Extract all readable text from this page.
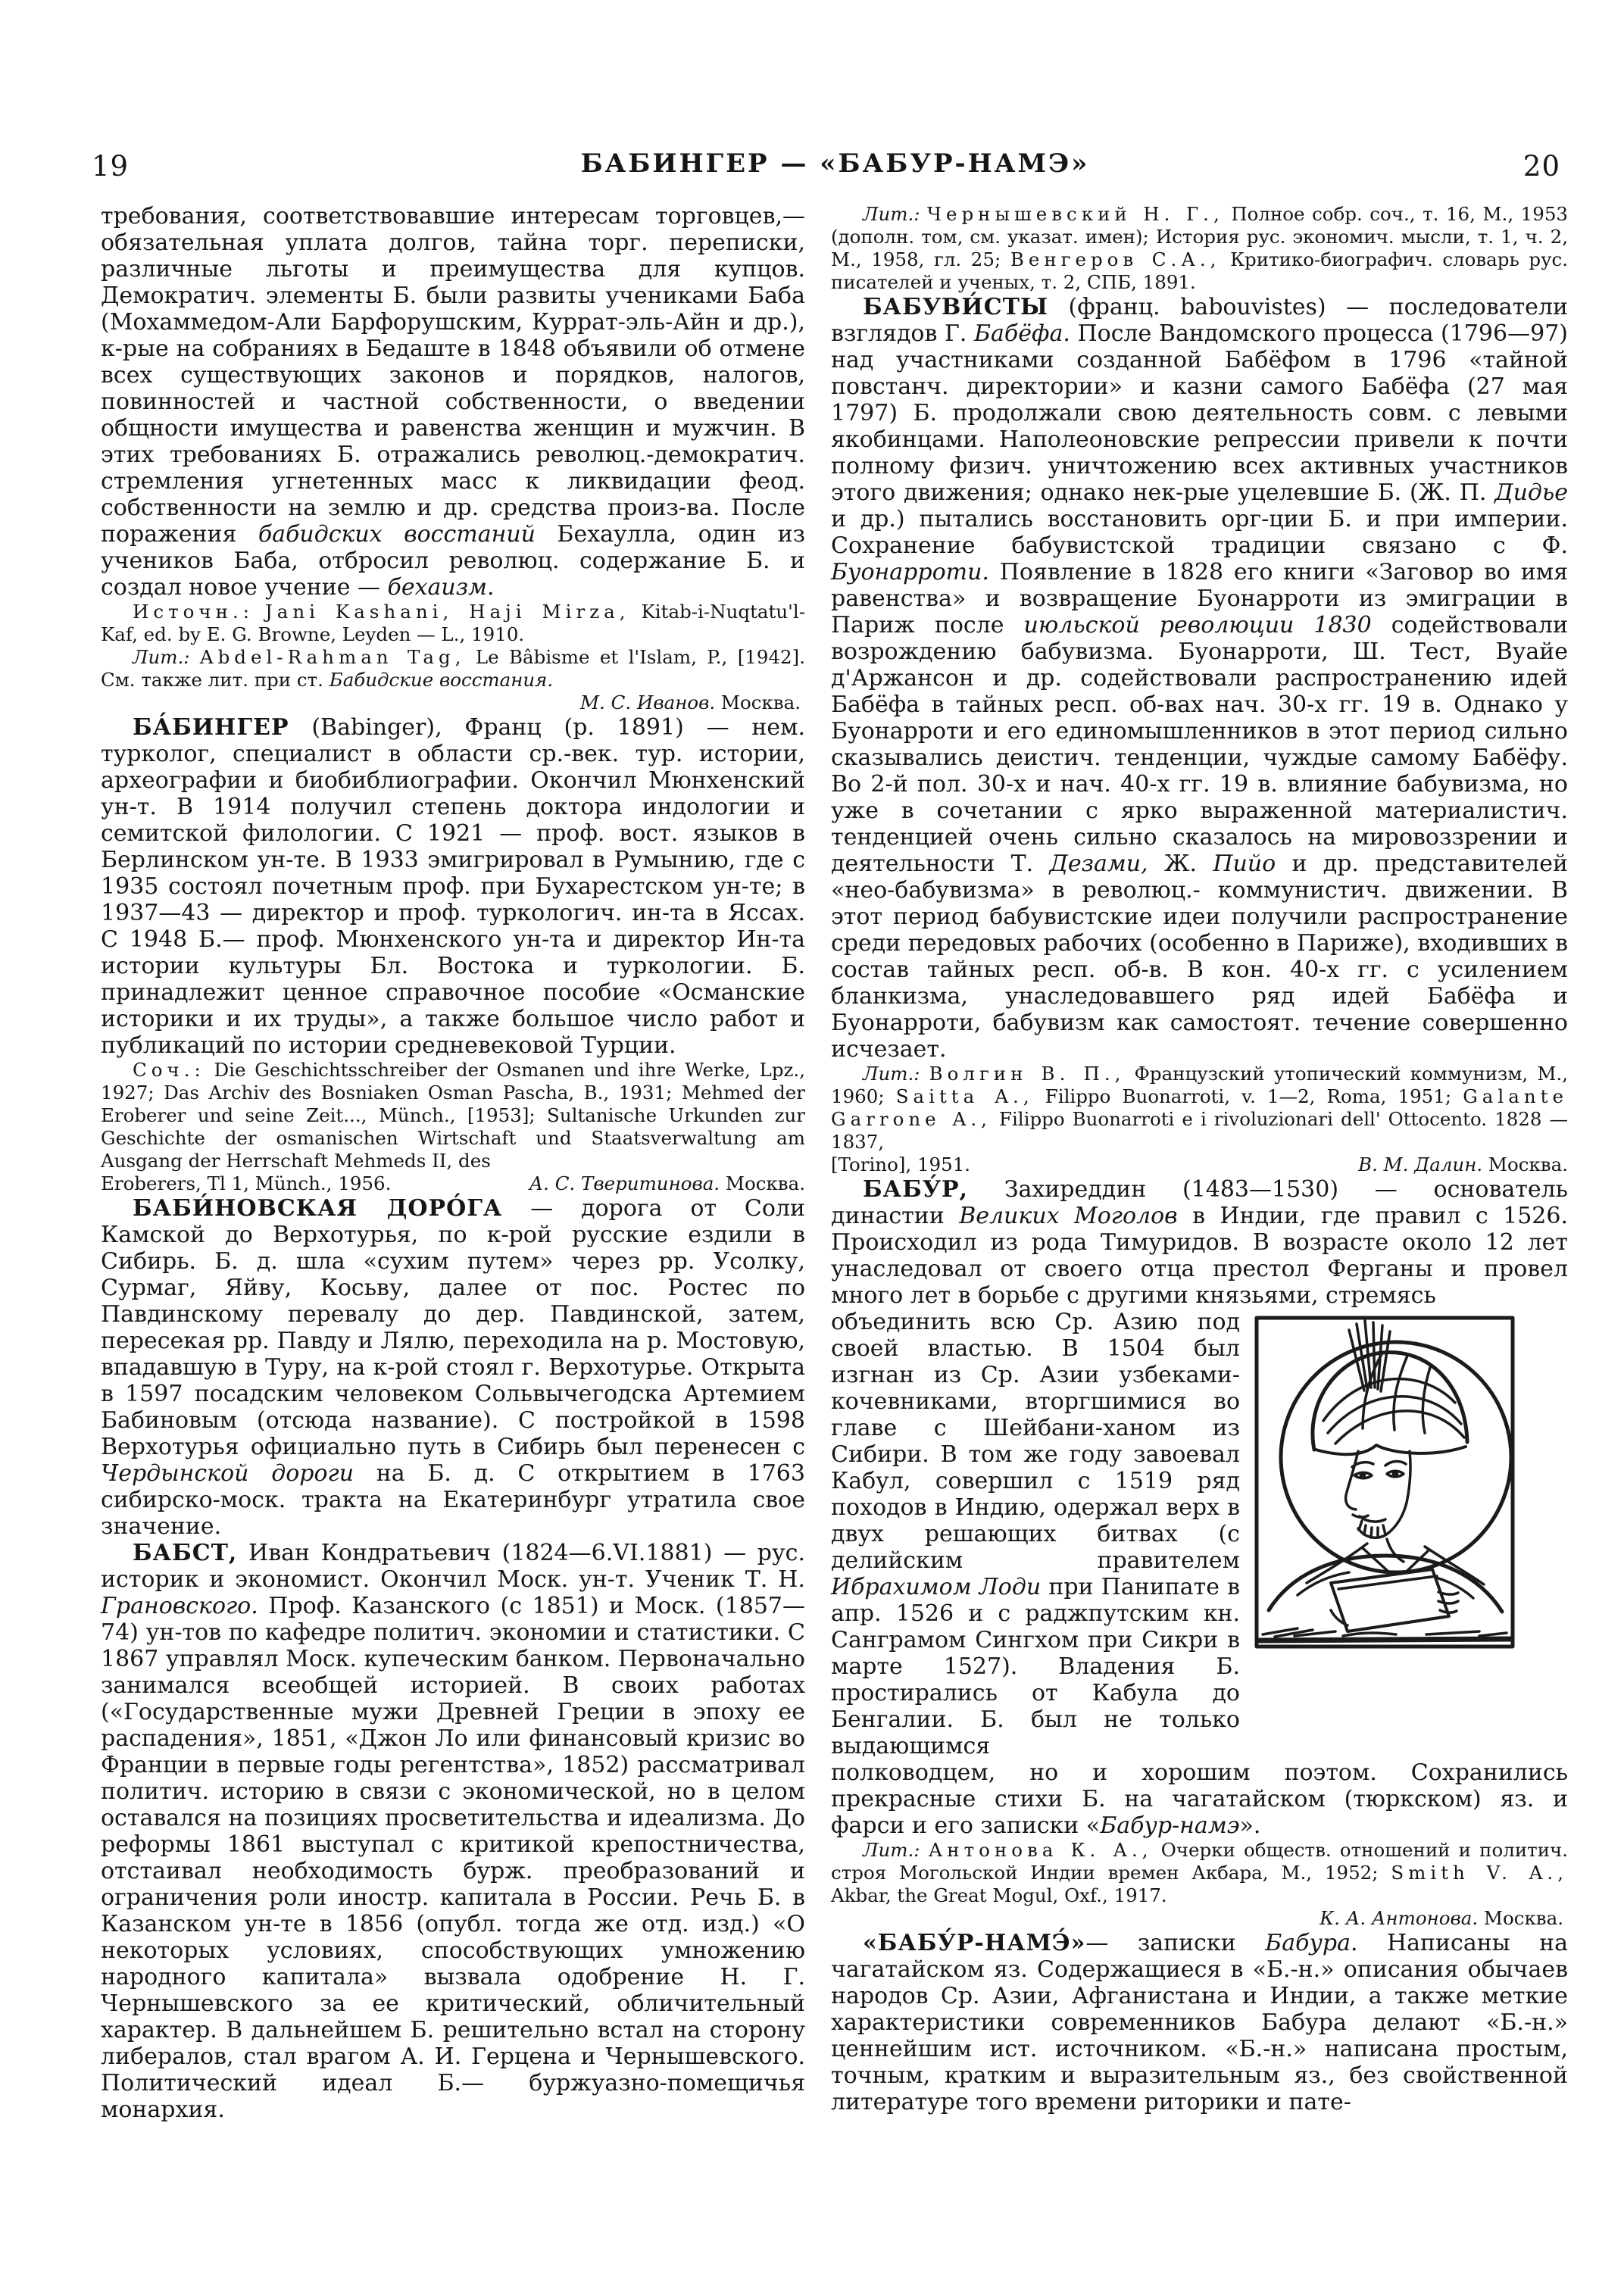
19	БАБИНГЕР — «БАБУР-НАМЭ»	20

требования, соответствовавшие интересам торговцев,— обязательная уплата долгов, тайна торг. переписки, различные льготы и преимущества для купцов. Демократич. элементы Б. были развиты учениками Баба (Мохаммедом-Али Барфорушским, Куррат-эль-Айн и др.), к-рые на собраниях в Бедаште в 1848 объявили об отмене всех существующих законов и порядков, налогов, повинностей и частной собственности, о введении общности имущества и равенства женщин и мужчин. В этих требованиях Б. отражались революц.-демократич. стремления угнетенных масс к ликвидации феод. собственности на землю и др. средства произ-ва. После поражения бабидских восстаний Бехаулла, один из учеников Баба, отбросил революц. содержание Б. и создал новое учение — бехаизм.

Источн.: Jani Kashani, Haji Mirza, Kitab-i-Nuqtatu'l-Kaf, ed. by E. G. Browne, Leyden — L., 1910.

Лит.: Abdel-Rahman Tag, Le Bâbisme et l'Islam, P., [1942]. См. также лит. при ст. Бабидские восстания.

М. С. Иванов. Москва.

БА́БИНГЕР (Babinger), Франц (р. 1891) — нем. турколог, специалист в области ср.-век. тур. истории, археографии и биобиблиографии. Окончил Мюнхенский ун-т. В 1914 получил степень доктора индологии и семитской филологии. С 1921 — проф. вост. языков в Берлинском ун-те. В 1933 эмигрировал в Румынию, где с 1935 состоял почетным проф. при Бухарестском ун-те; в 1937—43 — директор и проф. туркологич. ин-та в Яссах. С 1948 Б.— проф. Мюнхенского ун-та и директор Ин-та истории культуры Бл. Востока и туркологии. Б. принадлежит ценное справочное пособие «Османские историки и их труды», а также большое число работ и публикаций по истории средневековой Турции.

Соч.: Die Geschichtsschreiber der Osmanen und ihre Werke, Lpz., 1927; Das Archiv des Bosniaken Osman Pascha, B., 1931; Mehmed der Eroberer und seine Zeit..., Münch., [1953]; Sultanische Urkunden zur Geschichte der osmanischen Wirtschaft und Staatsverwaltung am Ausgang der Herrschaft Mehmeds II, des

Eroberers, Tl 1, Münch., 1956.	А. С. Тверитинова. Москва.

БАБИ́НОВСКАЯ ДОРО́ГА — дорога от Соли Камской до Верхотурья, по к-рой русские ездили в Сибирь. Б. д. шла «сухим путем» через рр. Усолку, Сурмаг, Яйву, Косьву, далее от пос. Ростес по Павдинскому перевалу до дер. Павдинской, затем, пересекая рр. Павду и Лялю, переходила на р. Мостовую, впадавшую в Туру, на к-рой стоял г. Верхотурье. Открыта в 1597 посадским человеком Сольвычегодска Артемием Бабиновым (отсюда название). С постройкой в 1598 Верхотурья официально путь в Сибирь был перенесен с Чердынской дороги на Б. д. С открытием в 1763 сибирско-моск. тракта на Екатеринбург утратила свое значение.

БАБСТ, Иван Кондратьевич (1824—6.VI.1881) — рус. историк и экономист. Окончил Моск. ун-т. Ученик Т. Н. Грановского. Проф. Казанского (с 1851) и Моск. (1857—74) ун-тов по кафедре политич. экономии и статистики. С 1867 управлял Моск. купеческим банком. Первоначально занимался всеобщей историей. В своих работах («Государственные мужи Древней Греции в эпоху ее распадения», 1851, «Джон Ло или финансовый кризис во Франции в первые годы регентства», 1852) рассматривал политич. историю в связи с экономической, но в целом оставался на позициях просветительства и идеализма. До реформы 1861 выступал с критикой крепостничества, отстаивал необходимость бурж. преобразований и ограничения роли иностр. капитала в России. Речь Б. в Казанском ун-те в 1856 (опубл. тогда же отд. изд.) «О некоторых условиях, способствующих умножению народного капитала» вызвала одобрение Н. Г. Чернышевского за ее критический, обличительный характер. В дальнейшем Б. решительно встал на сторону либералов, стал врагом А. И. Герцена и Чернышевского. Политический идеал Б.— буржуазно-помещичья монархия.

Лит.: Чернышевский Н. Г., Полное собр. соч., т. 16, М., 1953 (дополн. том, см. указат. имен); История рус. экономич. мысли, т. 1, ч. 2, М., 1958, гл. 25; Венгеров С.А., Критико-биографич. словарь рус. писателей и ученых, т. 2, СПБ, 1891.

БАБУВИ́СТЫ (франц. babouvistes) — последователи взглядов Г. Бабёфа. После Вандомского процесса (1796—97) над участниками созданной Бабёфом в 1796 «тайной повстанч. директории» и казни самого Бабёфа (27 мая 1797) Б. продолжали свою деятельность совм. с левыми якобинцами. Наполеоновские репрессии привели к почти полному физич. уничтожению всех активных участников этого движения; однако нек-рые уцелевшие Б. (Ж. П. Дидье и др.) пытались восстановить орг-ции Б. и при империи. Сохранение бабувистской традиции связано с Ф. Буонарроти. Появление в 1828 его книги «Заговор во имя равенства» и возвращение Буонарроти из эмиграции в Париж после июльской революции 1830 содействовали возрождению бабувизма. Буонарроти, Ш. Тест, Вуайе д'Аржансон и др. содействовали распространению идей Бабёфа в тайных респ. об-вах нач. 30-х гг. 19 в. Однако у Буонарроти и его единомышленников в этот период сильно сказывались деистич. тенденции, чуждые самому Бабёфу. Во 2-й пол. 30-х и нач. 40-х гг. 19 в. влияние бабувизма, но уже в сочетании с ярко выраженной материалистич. тенденцией очень сильно сказалось на мировоззрении и деятельности Т. Дезами, Ж. Пийо и др. представителей «нео-бабувизма» в революц.- коммунистич. движении. В этот период бабувистские идеи получили распространение среди передовых рабочих (особенно в Париже), входивших в состав тайных респ. об-в. В кон. 40-х гг. с усилением бланкизма, унаследовавшего ряд идей Бабёфа и Буонарроти, бабувизм как самостоят. течение совершенно исчезает.

Лит.: Волгин В. П., Французский утопический коммунизм, М., 1960; Saitta A., Filippo Buonarroti, v. 1—2, Roma, 1951; Galante Garrone A., Filippo Buonarroti e i rivoluzionari dell' Ottocento. 1828 — 1837,

[Torino], 1951.	В. М. Далин. Москва.

БАБУ́Р, Захиреддин (1483—1530) — основатель династии Великих Моголов в Индии, где правил с 1526. Происходил из рода Тимуридов. В возрасте около 12 лет унаследовал от своего отца престол Ферганы и провел много лет в борьбе с другими князьями, стремясь

объединить всю Ср. Азию под своей властью. В 1504 был изгнан из Ср. Азии узбеками-кочевниками, вторгшимися во главе с Шейбани-ханом из Сибири. В том же году завоевал Кабул, совершил с 1519 ряд походов в Индию, одержал верх в двух решающих битвах (с делийским правителем Ибрахимом Лоди при Панипате в апр. 1526 и с раджпутским кн. Санграмом Сингхом при Сикри в марте 1527). Владения Б. простирались от Кабула до Бенгалии. Б. был не только выдающимся

полководцем, но и хорошим поэтом. Сохранились прекрасные стихи Б. на чагатайском (тюркском) яз. и фарси и его записки «Бабур-намэ».

Лит.: Антонова К. А., Очерки обществ. отношений и политич. строя Могольской Индии времен Акбара, М., 1952; Smith V. A., Akbar, the Great Mogul, Oxf., 1917.

К. А. Антонова. Москва.

«БАБУ́Р-НАМЭ́»— записки Бабура. Написаны на чагатайском яз. Содержащиеся в «Б.-н.» описания обычаев народов Ср. Азии, Афганистана и Индии, а также меткие характеристики современников Бабура делают «Б.-н.» ценнейшим ист. источником. «Б.-н.» написана простым, точным, кратким и выразительным яз., без свойственной литературе того времени риторики и пате-
